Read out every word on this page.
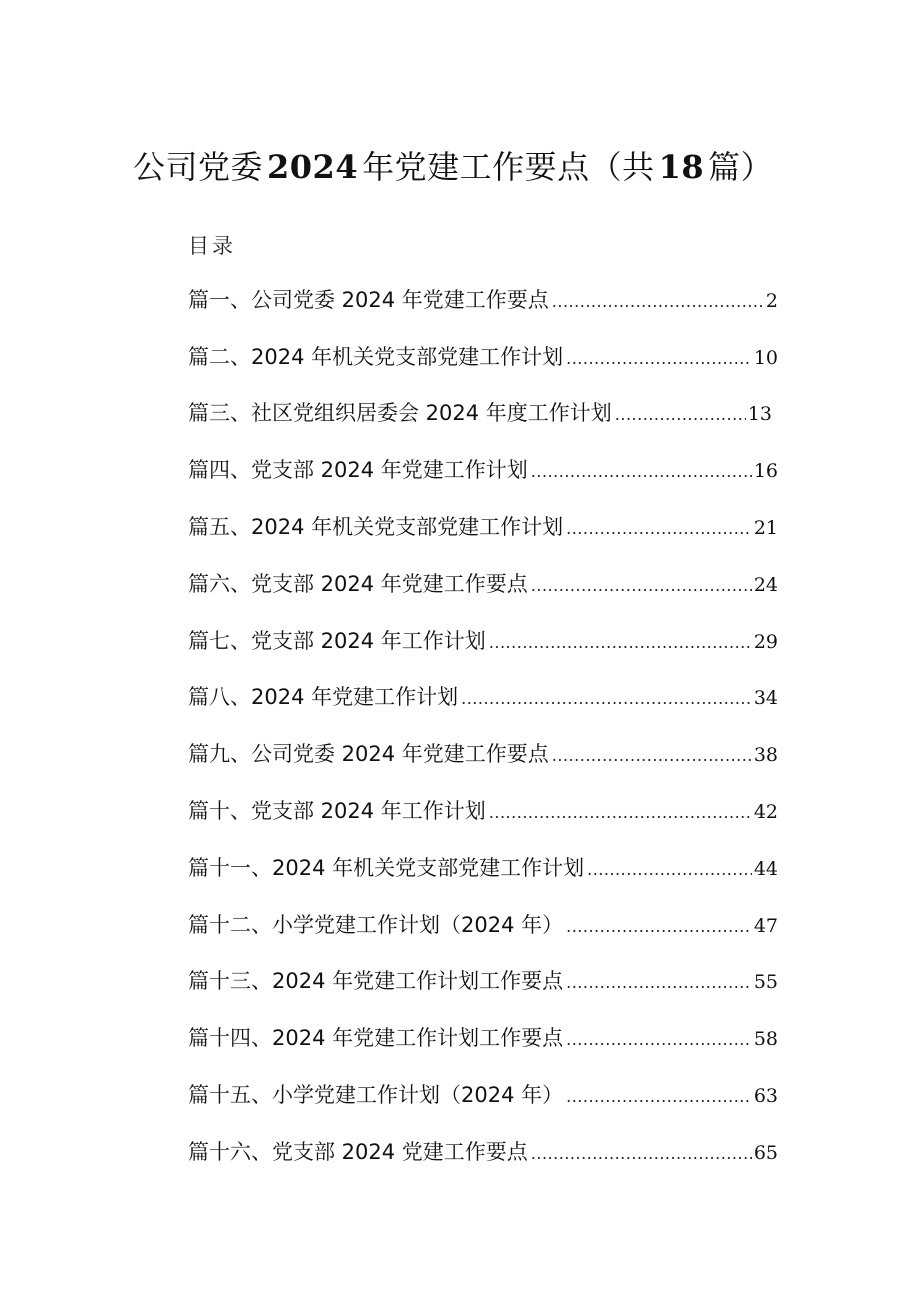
公司党委 2024 年党建工作要点（共 18 篇）
目录
篇一、公司党委 2024 年党建工作要点 .....	2
篇二、2024 年机关党支部党建工作计划 .....	10
篇三、社区党组织居委会 2024 年度工作计划 .....	13
篇四、党支部 2024 年党建工作计划 .....	16
篇五、2024 年机关党支部党建工作计划 .....	21
篇六、党支部 2024 年党建工作要点 .....	24
篇七、党支部 2024 年工作计划 .....	29
篇八、2024 年党建工作计划 .....	34
篇九、公司党委 2024 年党建工作要点 .....	38
篇十、党支部 2024 年工作计划 .....	42
篇十一、2024 年机关党支部党建工作计划 .....	44
篇十二、小学党建工作计划（2024 年） .....	47
篇十三、2024 年党建工作计划工作要点 .....	55
篇十四、2024 年党建工作计划工作要点 .....	58
篇十五、小学党建工作计划（2024 年） .....	63
篇十六、党支部 2024 党建工作要点 .....	65
